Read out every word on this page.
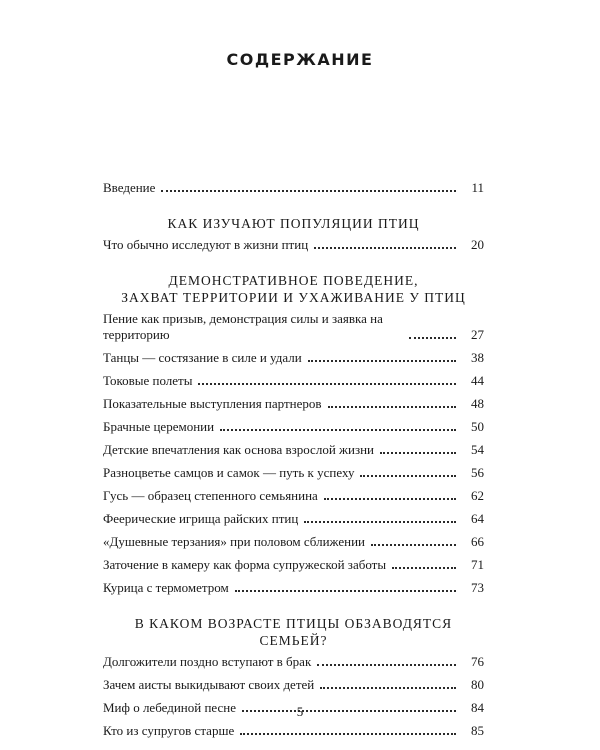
СОДЕРЖАНИЕ
Введение	11
КАК ИЗУЧАЮТ ПОПУЛЯЦИИ ПТИЦ
Что обычно исследуют в жизни птиц	20
ДЕМОНСТРАТИВНОЕ ПОВЕДЕНИЕ,
ЗАХВАТ ТЕРРИТОРИИ И УХАЖИВАНИЕ У ПТИЦ
Пение как призыв, демонстрация силы и заявка на территорию	27
Танцы — состязание в силе и удали	38
Токовые полеты	44
Показательные выступления партнеров	48
Брачные церемонии	50
Детские впечатления как основа взрослой жизни	54
Разноцветье самцов и самок — путь к успеху	56
Гусь — образец степенного семьянина	62
Феерические игрища райских птиц	64
«Душевные терзания» при половом сближении	66
Заточение в камеру как форма супружеской заботы	71
Курица с термометром	73
В КАКОМ ВОЗРАСТЕ ПТИЦЫ ОБЗАВОДЯТСЯ СЕМЬЕЙ?
Долгожители поздно вступают в брак	76
Зачем аисты выкидывают своих детей	80
Миф о лебединой песне	84
Кто из супругов старше	85
5
